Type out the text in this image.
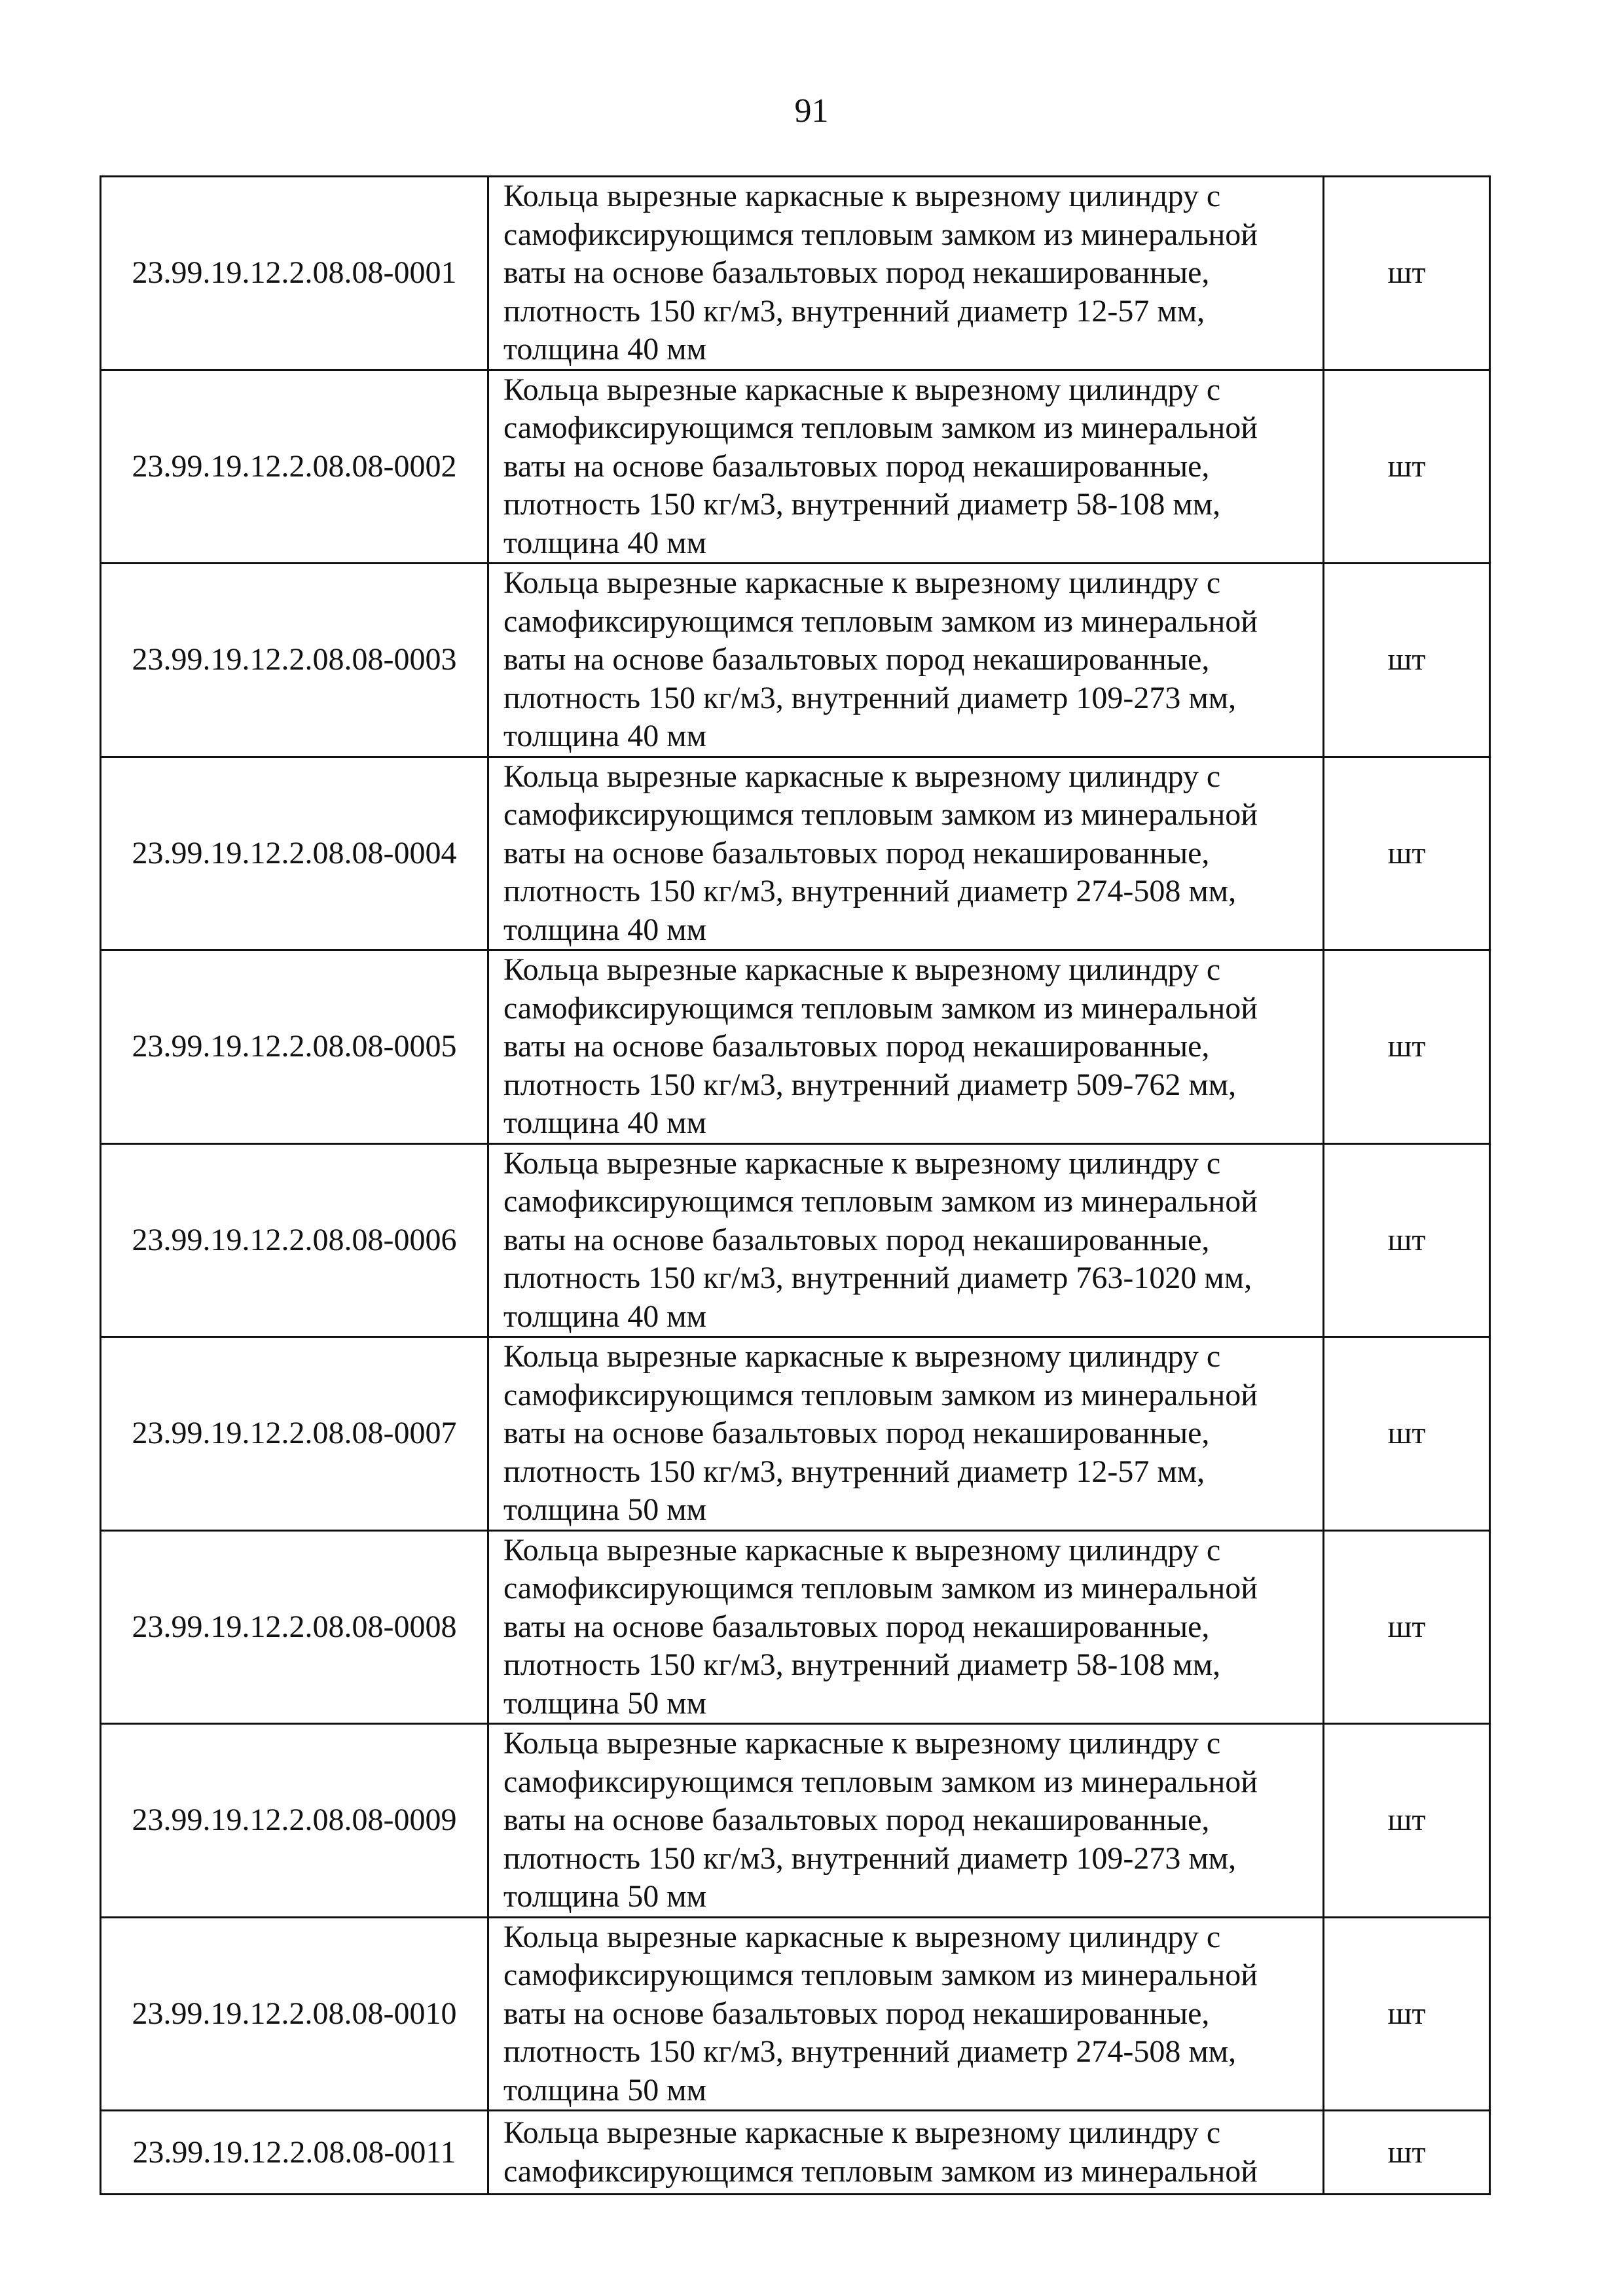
91
23.99.19.12.2.08.08-0001	Кольца вырезные каркасные к вырезному цилиндру с
самофиксирующимся тепловым замком из минеральной
ваты на основе базальтовых пород некашированные,
плотность 150 кг/м3, внутренний диаметр 12-57 мм,
толщина 40 мм	шт
23.99.19.12.2.08.08-0002	Кольца вырезные каркасные к вырезному цилиндру с
самофиксирующимся тепловым замком из минеральной
ваты на основе базальтовых пород некашированные,
плотность 150 кг/м3, внутренний диаметр 58-108 мм,
толщина 40 мм	шт
23.99.19.12.2.08.08-0003	Кольца вырезные каркасные к вырезному цилиндру с
самофиксирующимся тепловым замком из минеральной
ваты на основе базальтовых пород некашированные,
плотность 150 кг/м3, внутренний диаметр 109-273 мм,
толщина 40 мм	шт
23.99.19.12.2.08.08-0004	Кольца вырезные каркасные к вырезному цилиндру с
самофиксирующимся тепловым замком из минеральной
ваты на основе базальтовых пород некашированные,
плотность 150 кг/м3, внутренний диаметр 274-508 мм,
толщина 40 мм	шт
23.99.19.12.2.08.08-0005	Кольца вырезные каркасные к вырезному цилиндру с
самофиксирующимся тепловым замком из минеральной
ваты на основе базальтовых пород некашированные,
плотность 150 кг/м3, внутренний диаметр 509-762 мм,
толщина 40 мм	шт
23.99.19.12.2.08.08-0006	Кольца вырезные каркасные к вырезному цилиндру с
самофиксирующимся тепловым замком из минеральной
ваты на основе базальтовых пород некашированные,
плотность 150 кг/м3, внутренний диаметр 763-1020 мм,
толщина 40 мм	шт
23.99.19.12.2.08.08-0007	Кольца вырезные каркасные к вырезному цилиндру с
самофиксирующимся тепловым замком из минеральной
ваты на основе базальтовых пород некашированные,
плотность 150 кг/м3, внутренний диаметр 12-57 мм,
толщина 50 мм	шт
23.99.19.12.2.08.08-0008	Кольца вырезные каркасные к вырезному цилиндру с
самофиксирующимся тепловым замком из минеральной
ваты на основе базальтовых пород некашированные,
плотность 150 кг/м3, внутренний диаметр 58-108 мм,
толщина 50 мм	шт
23.99.19.12.2.08.08-0009	Кольца вырезные каркасные к вырезному цилиндру с
самофиксирующимся тепловым замком из минеральной
ваты на основе базальтовых пород некашированные,
плотность 150 кг/м3, внутренний диаметр 109-273 мм,
толщина 50 мм	шт
23.99.19.12.2.08.08-0010	Кольца вырезные каркасные к вырезному цилиндру с
самофиксирующимся тепловым замком из минеральной
ваты на основе базальтовых пород некашированные,
плотность 150 кг/м3, внутренний диаметр 274-508 мм,
толщина 50 мм	шт
23.99.19.12.2.08.08-0011	Кольца вырезные каркасные к вырезному цилиндру с
самофиксирующимся тепловым замком из минеральной	шт
